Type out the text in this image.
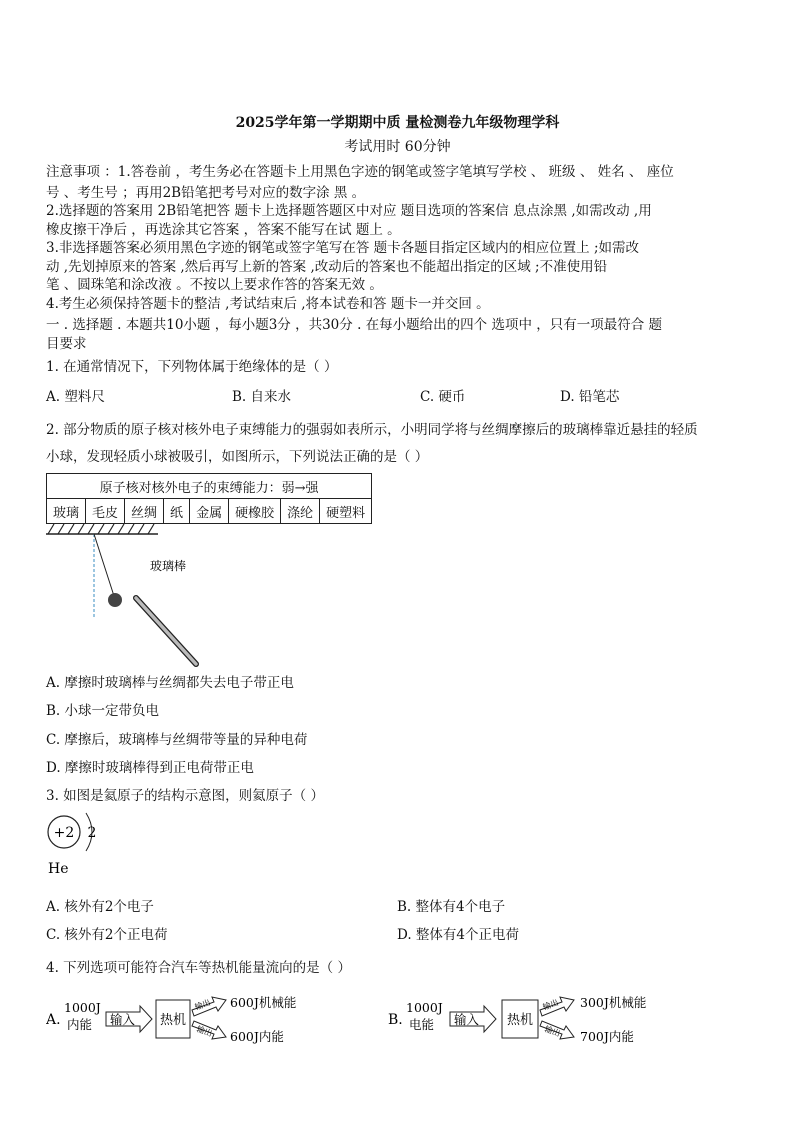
2025学年第一学期期中质 量检测卷九年级物理学科
考试用时 60分钟
注意事项 ：1.答卷前 ，考生务必在答题卡上用黑色字迹的钢笔或签字笔填写学校 、 班级 、 姓名 、 座位
号 、考生号 ；再用2B铅笔把考号对应的数字涂 黑 。
2.选择题的答案用 2B铅笔把答 题卡上选择题答题区中对应 题目选项的答案信 息点涂黑 ,如需改动 ,用
橡皮擦干净后 ，再选涂其它答案 ，答案不能写在试 题上 。
3.非选择题答案必须用黑色字迹的钢笔或签字笔写在答 题卡各题目指定区域内的相应位置上 ;如需改
动 ,先划掉原来的答案 ,然后再写上新的答案 ,改动后的答案也不能超出指定的区域 ;不准使用铅
笔 、圆珠笔和涂改液 。不按以上要求作答的答案无效 。
4.考生必须保持答题卡的整洁 ,考试结束后 ,将本试卷和答 题卡一并交回 。
一 . 选择题 . 本题共10小题 ，每小题3分 ，共30分 . 在每小题给出的四个 选项中 ，只有一项最符合 题
目要求
1. 在通常情况下，下列物体属于绝缘体的是（ ）
A. 塑料尺	B. 自来水	C. 硬币	D. 铅笔芯
2. 部分物质的原子核对核外电子束缚能力的强弱如表所示，小明同学将与丝绸摩擦后的玻璃棒靠近悬挂的轻质
小球，发现轻质小球被吸引，如图所示，下列说法正确的是（ ）
原子核对核外电子的束缚能力：弱→强
玻璃	毛皮	丝绸	纸	金属	硬橡胶	涤纶	硬塑料
玻璃棒
A. 摩擦时玻璃棒与丝绸都失去电子带正电
B. 小球一定带负电
C. 摩擦后，玻璃棒与丝绸带等量的异种电荷
D. 摩擦时玻璃棒得到正电荷带正电
3. 如图是氦原子的结构示意图，则氦原子（ ）
+2 2
He
A. 核外有2个电子	B. 整体有4个电子
C. 核外有2个正电荷	D. 整体有4个正电荷
4. 下列选项可能符合汽车等热机能量流向的是（ ）
A.
1000J
内能 输入 热机
输出
输出
600J机械能
600J内能
B.
1000J
电能 输入 热机
输出
输出
300J机械能
700J内能
